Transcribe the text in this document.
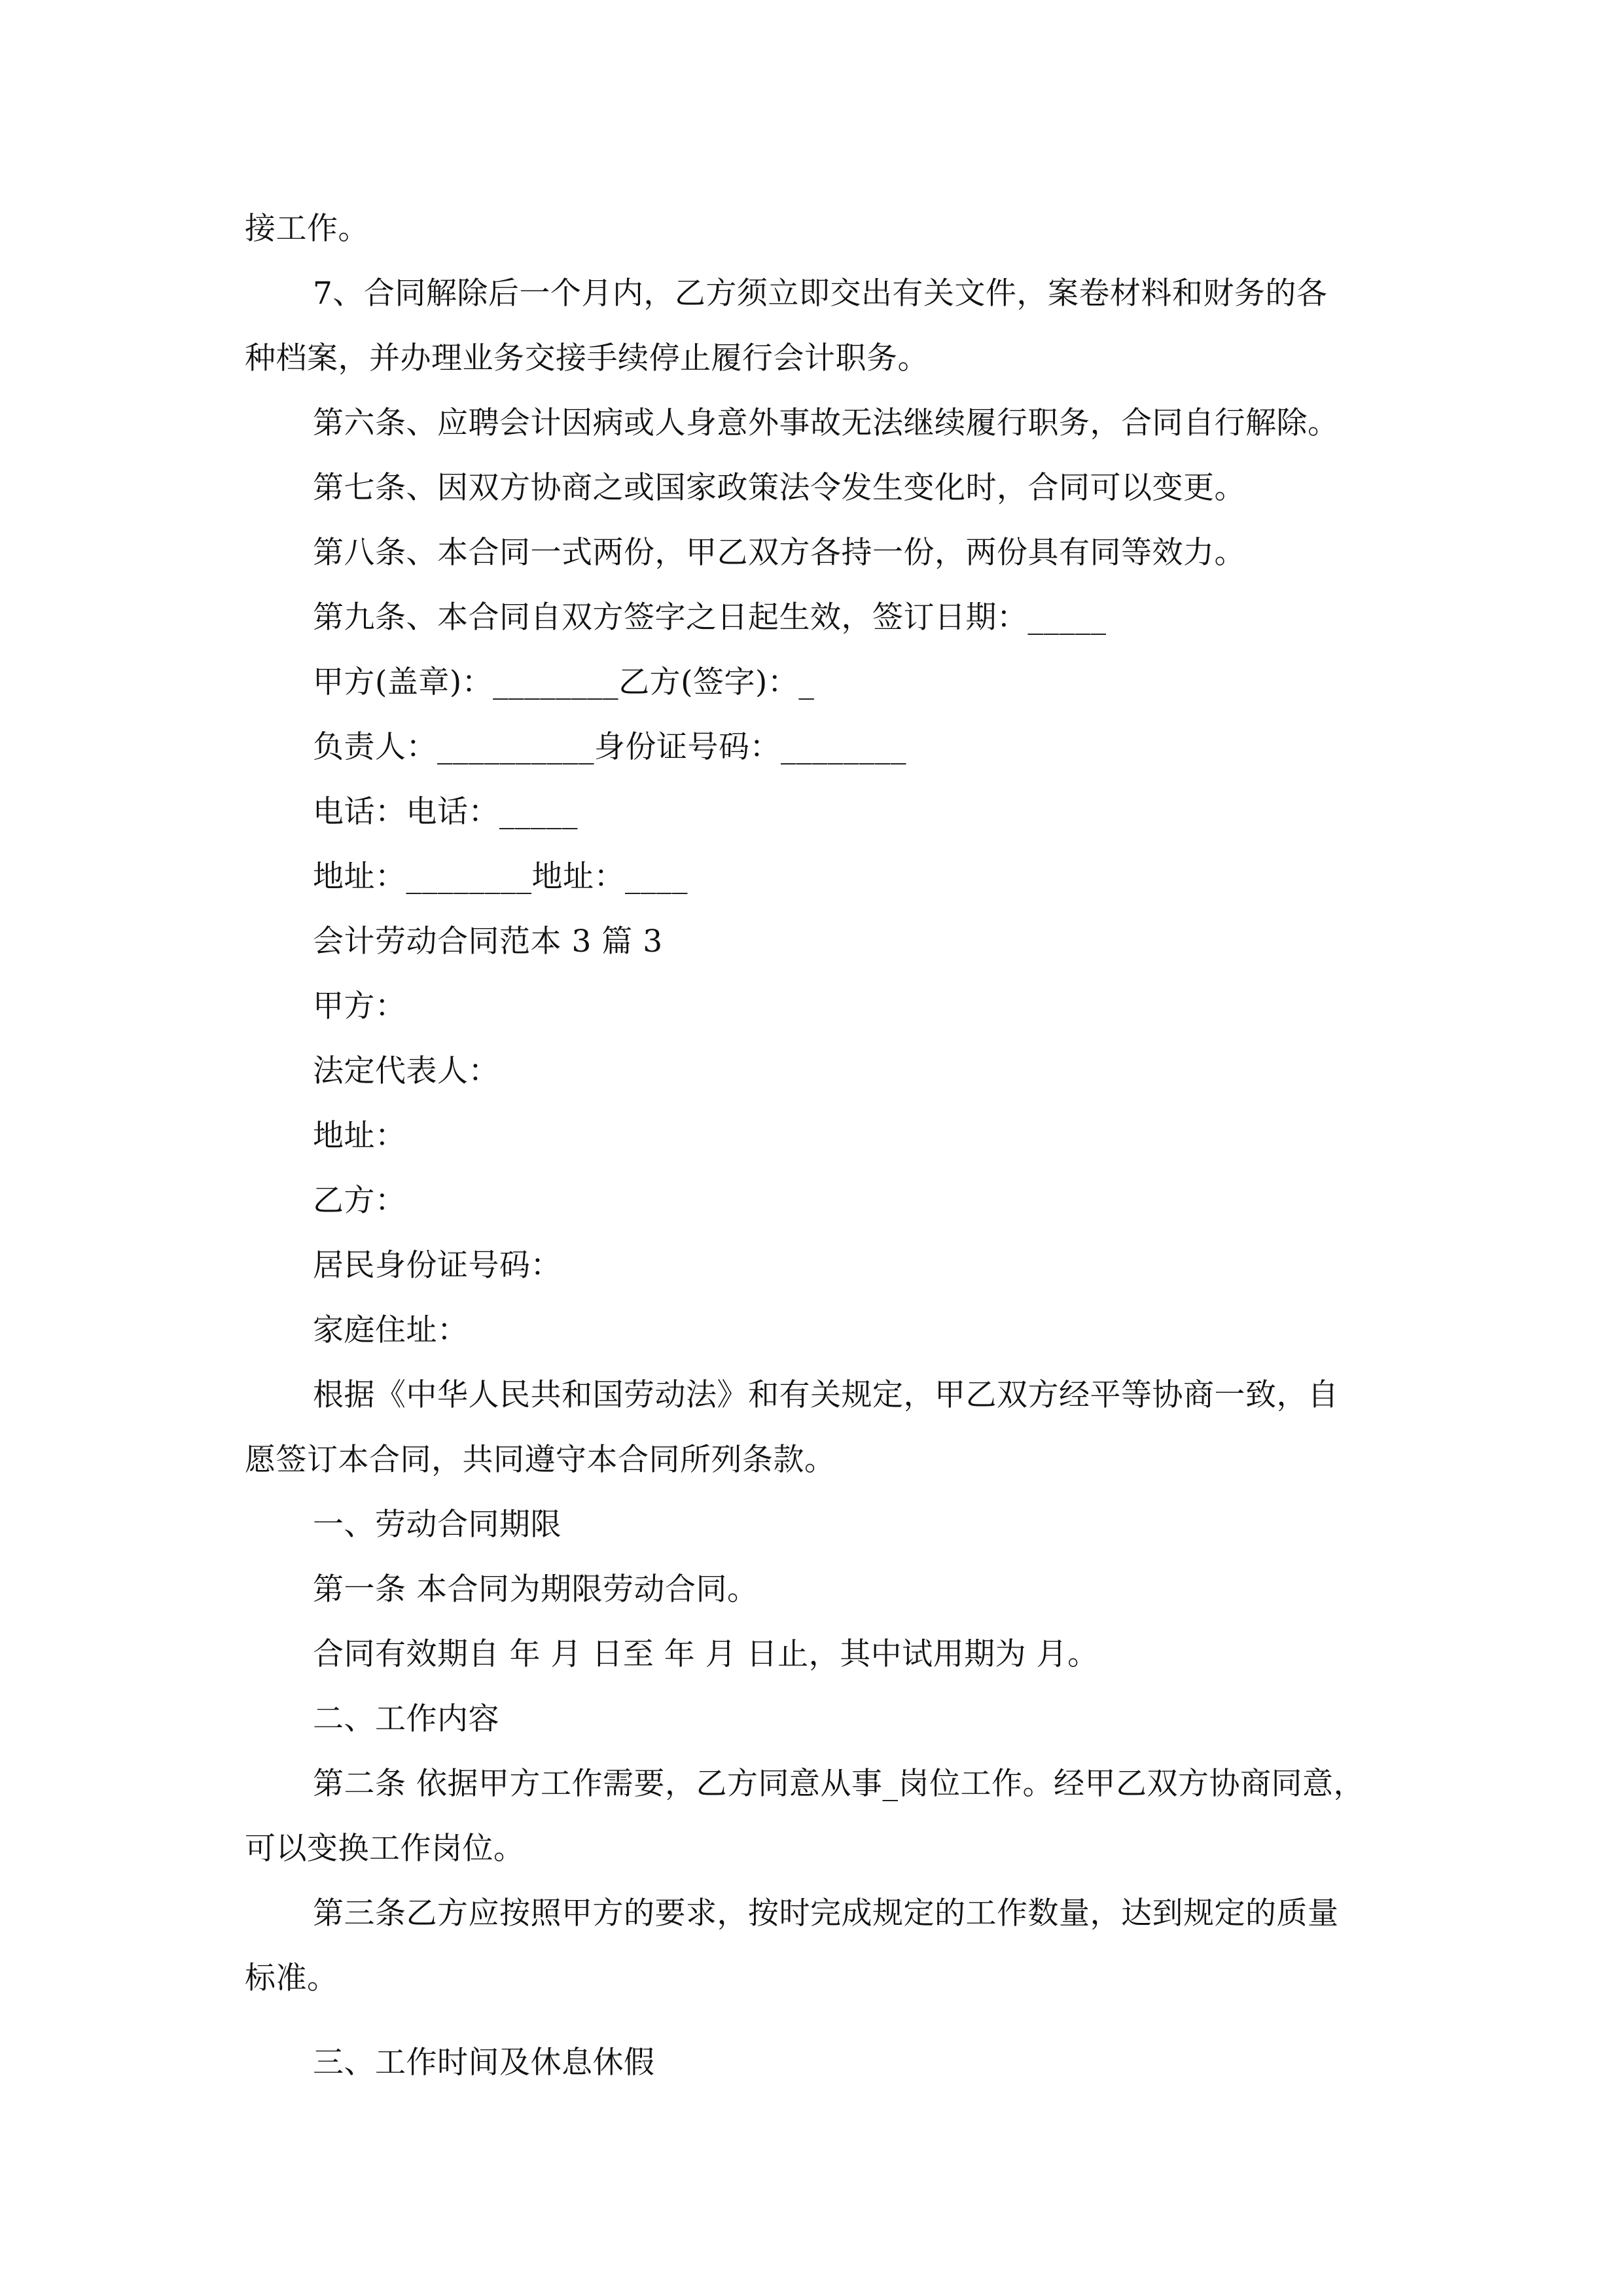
接工作。
7、合同解除后一个月内，乙方须立即交出有关文件，案卷材料和财务的各
种档案，并办理业务交接手续停止履行会计职务。
第六条、应聘会计因病或人身意外事故无法继续履行职务，合同自行解除。
第七条、因双方协商之或国家政策法令发生变化时，合同可以变更。
第八条、本合同一式两份，甲乙双方各持一份，两份具有同等效力。
第九条、本合同自双方签字之日起生效，签订日期：_____
甲方(盖章)：________乙方(签字)：_
负责人：__________身份证号码：________
电话：电话：_____
地址：________地址：____
会计劳动合同范本 3 篇 3
甲方：
法定代表人：
地址：
乙方：
居民身份证号码：
家庭住址：
根据《中华人民共和国劳动法》和有关规定，甲乙双方经平等协商一致，自
愿签订本合同，共同遵守本合同所列条款。
一、劳动合同期限
第一条 本合同为期限劳动合同。
合同有效期自 年 月 日至 年 月 日止，其中试用期为 月。
二、工作内容
第二条 依据甲方工作需要，乙方同意从事_岗位工作。经甲乙双方协商同意，
可以变换工作岗位。
第三条乙方应按照甲方的要求，按时完成规定的工作数量，达到规定的质量
标准。
三、工作时间及休息休假
